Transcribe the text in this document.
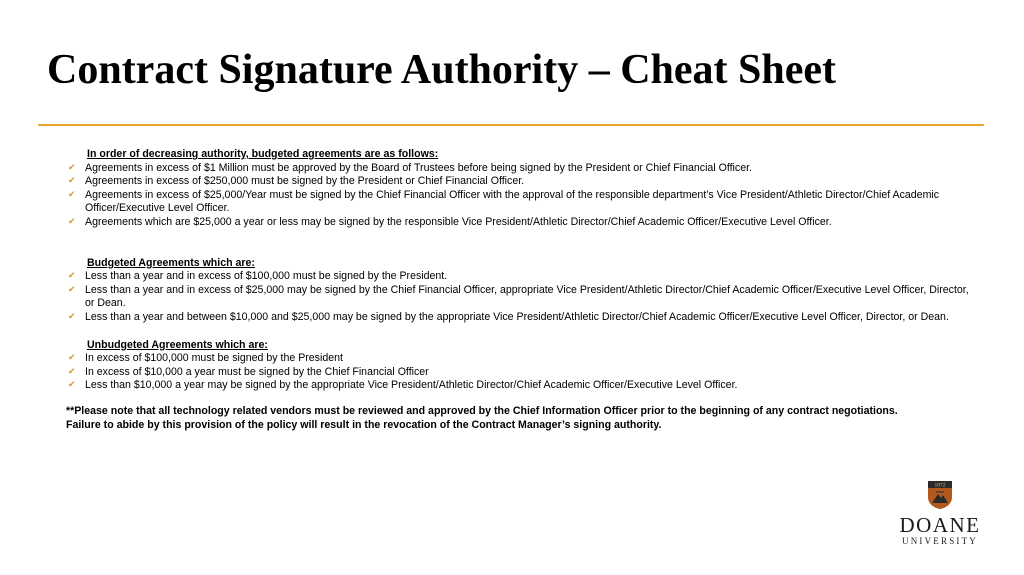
Contract Signature Authority – Cheat Sheet
In order of decreasing authority, budgeted agreements are as follows:
✔ Agreements in excess of $1 Million must be approved by the Board of Trustees before being signed by the President or Chief Financial Officer.
✔ Agreements in excess of $250,000 must be signed by the President or Chief Financial Officer.
✔ Agreements in excess of $25,000/Year must be signed by the Chief Financial Officer with the approval of the responsible department’s Vice President/Athletic Director/Chief Academic Officer/Executive Level Officer.
✔ Agreements which are $25,000 a year or less may be signed by the responsible Vice President/Athletic Director/Chief Academic Officer/Executive Level Officer.
Budgeted Agreements which are:
✔ Less than a year and in excess of $100,000 must be signed by the President.
✔ Less than a year and in excess of $25,000 may be signed by the Chief Financial Officer, appropriate Vice President/Athletic Director/Chief Academic Officer/Executive Level Officer, Director, or Dean.
✔ Less than a year and between $10,000 and $25,000 may be signed by the appropriate Vice President/Athletic Director/Chief Academic Officer/Executive Level Officer, Director, or Dean.
Unbudgeted Agreements which are:
✔ In excess of $100,000 must be signed by the President
✔ In excess of $10,000 a year must be signed by the Chief Financial Officer
✔ Less than $10,000 a year may be signed by the appropriate Vice President/Athletic Director/Chief Academic Officer/Executive Level Officer.
**Please note that all technology related vendors must be reviewed and approved by the Chief Information Officer prior to the beginning of any contract negotiations.
Failure to abide by this provision of the policy will result in the revocation of the Contract Manager’s signing authority.
1872
DOANE
UNIVERSITY
